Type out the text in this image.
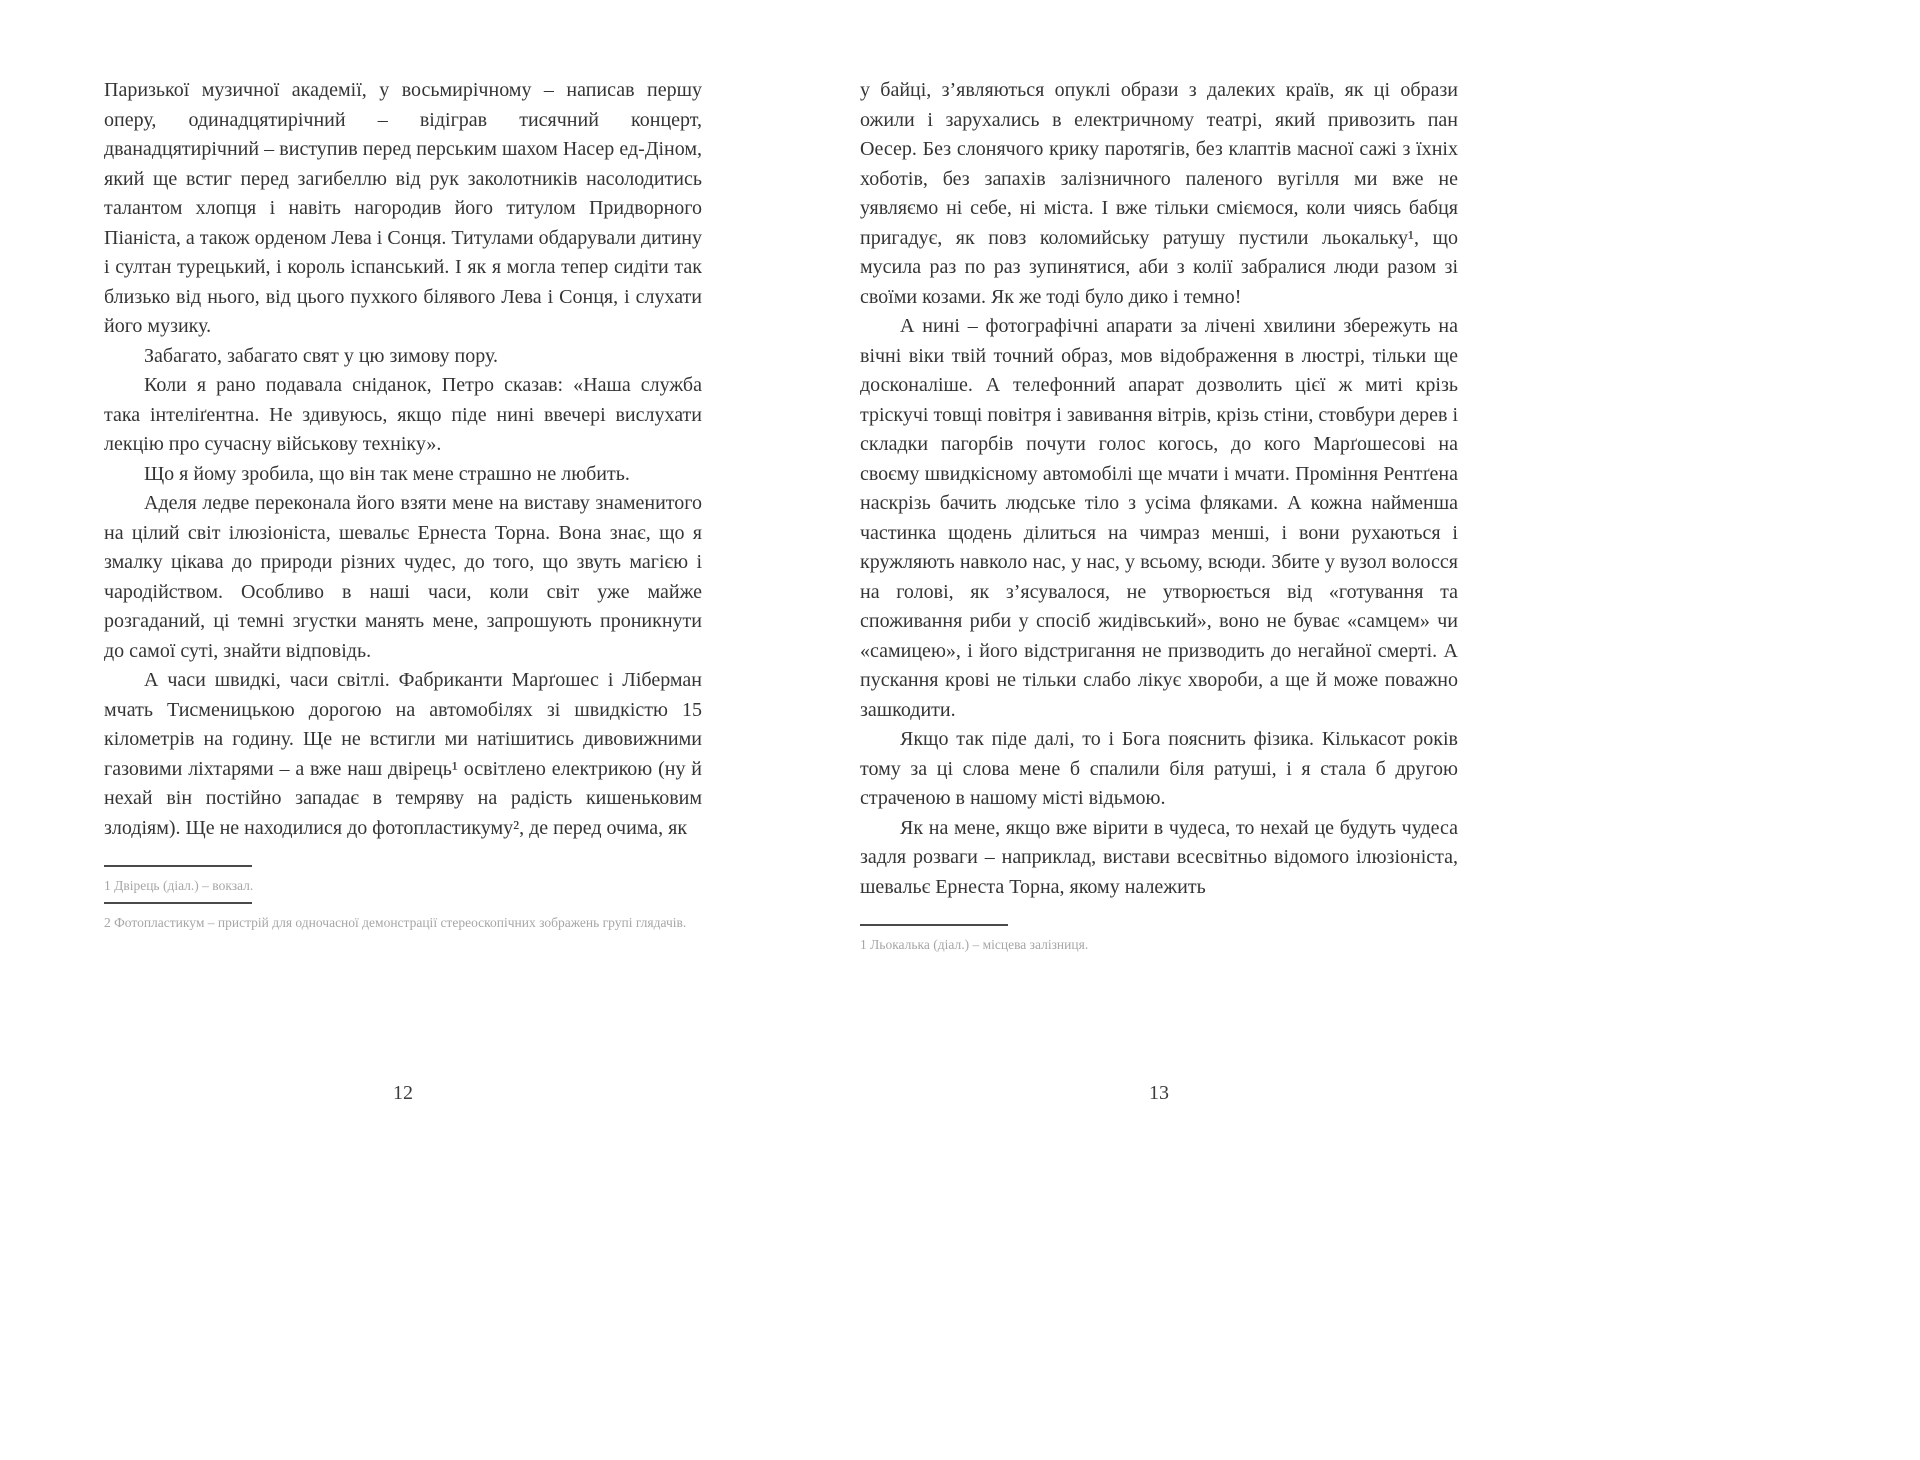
Паризької музичної академії, у восьмирічному – написав першу оперу, одинадцятирічний – відіграв тисячний концерт, дванадцятирічний – виступив перед перським шахом Насер ед-Діном, який ще встиг перед загибеллю від рук заколотників насолодитись талантом хлопця і навіть нагородив його титулом Придворного Піаніста, а також орденом Лева і Сонця. Титулами обдарували дитину і султан турецький, і король іспанський. І як я могла тепер сидіти так близько від нього, від цього пухкого білявого Лева і Сонця, і слухати його музику.

Забагато, забагато свят у цю зимову пору.

Коли я рано подавала сніданок, Петро сказав: «Наша служба така інтеліґентна. Не здивуюсь, якщо піде нині ввечері вислухати лекцію про сучасну військову техніку».

Що я йому зробила, що він так мене страшно не любить.

Аделя ледве переконала його взяти мене на виставу знаменитого на цілий світ ілюзіоніста, шевальє Ернеста Торна. Вона знає, що я змалку цікава до природи різних чудес, до того, що звуть магією і чародійством. Особливо в наші часи, коли світ уже майже розгаданий, ці темні згустки манять мене, запрошують проникнути до самої суті, знайти відповідь.

А часи швидкі, часи світлі. Фабриканти Марґошес і Ліберман мчать Тисменицькою дорогою на автомобілях зі швидкістю 15 кілометрів на годину. Ще не встигли ми натішитись дивовижними газовими ліхтарями – а вже наш двірець¹ освітлено електрикою (ну й нехай він постійно западає в темряву на радість кишеньковим злодіям). Ще не находилися до фотопластикуму², де перед очима, як

1 Двірець (діал.) – вокзал.

2 Фотопластикум – пристрій для одночасної демонстрації стереоскопічних зображень групі глядачів.

у байці, з’являються опуклі образи з далеких країв, як ці образи ожили і зарухались в електричному театрі, який привозить пан Оесер. Без слонячого крику паротягів, без клаптів масної сажі з їхніх хоботів, без запахів залізничного паленого вугілля ми вже не уявляємо ні себе, ні міста. І вже тільки сміємося, коли чиясь бабця пригадує, як повз коломийську ратушу пустили льокальку¹, що мусила раз по раз зупинятися, аби з колії забралися люди разом зі своїми козами. Як же тоді було дико і темно!

А нині – фотографічні апарати за лічені хвилини збережуть на вічні віки твій точний образ, мов відображення в люстрі, тільки ще досконаліше. А телефонний апарат дозволить цієї ж миті крізь тріскучі товщі повітря і завивання вітрів, крізь стіни, стовбури дерев і складки пагорбів почути голос когось, до кого Марґошесові на своєму швидкісному автомобілі ще мчати і мчати. Проміння Рентґена наскрізь бачить людське тіло з усіма фляками. А кожна найменша частинка щодень ділиться на чимраз менші, і вони рухаються і кружляють навколо нас, у нас, у всьому, всюди. Збите у вузол волосся на голові, як з’ясувалося, не утворюється від «готування та споживання риби у спосіб жидівський», воно не буває «самцем» чи «самицею», і його відстригання не призводить до негайної смерті. А пускання крові не тільки слабо лікує хвороби, а ще й може поважно зашкодити.

Якщо так піде далі, то і Бога пояснить фізика. Кількасот років тому за ці слова мене б спалили біля ратуші, і я стала б другою страченою в нашому місті відьмою.

Як на мене, якщо вже вірити в чудеса, то нехай це будуть чудеса задля розваги – наприклад, вистави всесвітньо відомого ілюзіоніста, шевальє Ернеста Торна, якому належить

1 Льокалька (діал.) – місцева залізниця.

12	13
